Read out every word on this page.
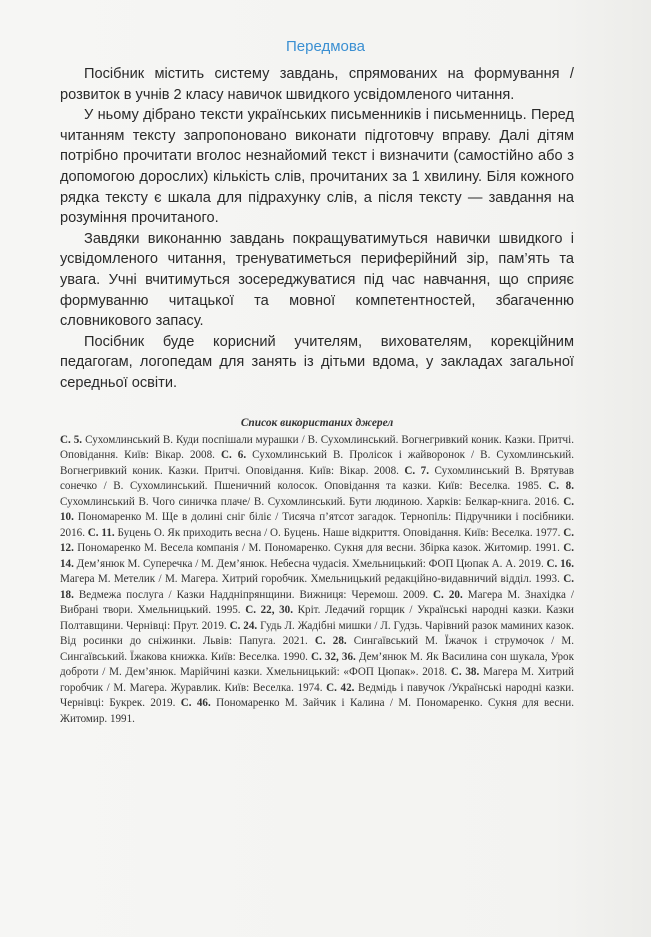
Передмова

Посібник містить систему завдань, спрямованих на формування / розвиток в учнів 2 класу навичок швидкого усвідомленого читання.

У ньому дібрано тексти українських письменників і письменниць. Перед читанням тексту запропоновано виконати підготовчу вправу. Далі дітям потрібно прочитати вголос незнайомий текст і визначити (самостійно або з допомогою дорослих) кількість слів, прочитаних за 1 хвилину. Біля кожного рядка тексту є шкала для підрахунку слів, а після тексту — завдання на розуміння прочитаного.

Завдяки виконанню завдань покращуватимуться навички швидкого і усвідомленого читання, тренуватиметься периферійний зір, пам’ять та увага. Учні вчитимуться зосереджуватися під час навчання, що сприяє формуванню читацької та мовної компетентностей, збагаченню словникового запасу.

Посібник буде корисний учителям, вихователям, корекційним педагогам, логопедам для занять із дітьми вдома, у закладах загальної середньої освіти.

Список використаних джерел
С. 5. Сухомлинський В. Куди поспішали мурашки / В. Сухомлинський. Вогнегривкий коник. Казки. Притчі. Оповідання. Київ: Вікар. 2008. С. 6. Сухомлинський В. Пролісок і жайворонок / В. Сухомлинський. Вогнегривкий коник. Казки. Притчі. Оповідання. Київ: Вікар. 2008. С. 7. Сухомлинський В. Врятував сонечко / В. Сухомлинський. Пшеничний колосок. Оповідання та казки. Київ: Веселка. 1985. С. 8. Сухомлинський В. Чого синичка плаче/ В. Сухомлинський. Бути людиною. Харків: Белкар-книга. 2016. С. 10. Пономаренко М. Ще в долині сніг біліє / Тисяча п’ятсот загадок. Тернопіль: Підручники і посібники. 2016. С. 11. Буцень О. Як приходить весна / О. Буцень. Наше відкриття. Оповідання. Київ: Веселка. 1977. С. 12. Пономаренко М. Весела компанія / М. Пономаренко. Сукня для весни. Збірка казок. Житомир. 1991. С. 14. Дем’янюк М. Суперечка / М. Дем’янюк. Небесна чудасія. Хмельницький: ФОП Цюпак А. А. 2019. С. 16. Магера М. Метелик / М. Магера. Хитрий горобчик. Хмельницький редакційно-видавничий відділ. 1993. С. 18. Ведмежа послуга / Казки Наддніпрянщини. Вижниця: Черемош. 2009. С. 20. Магера М. Знахідка / Вибрані твори. Хмельницький. 1995. С. 22, 30. Кріт. Ледачий горщик / Українські народні казки. Казки Полтавщини. Чернівці: Прут. 2019. С. 24. Гудь Л. Жадібні мишки / Л. Гудзь. Чарівний разок маминих казок. Від росинки до сніжинки. Львів: Папуга. 2021. С. 28. Сингаївський М. Їжачок і струмочок / М. Сингаївський. Їжакова книжка. Київ: Веселка. 1990. С. 32, 36. Дем’янюк М. Як Василина сон шукала, Урок доброти / М. Дем’янюк. Марійчині казки. Хмельницький: «ФОП Цюпак». 2018. С. 38. Магера М. Хитрий горобчик / М. Магера. Журавлик. Київ: Веселка. 1974. С. 42. Ведмідь і павучок /Українські народні казки. Чернівці: Букрек. 2019. С. 46. Пономаренко М. Зайчик і Калина / М. Пономаренко. Сукня для весни. Житомир. 1991.
